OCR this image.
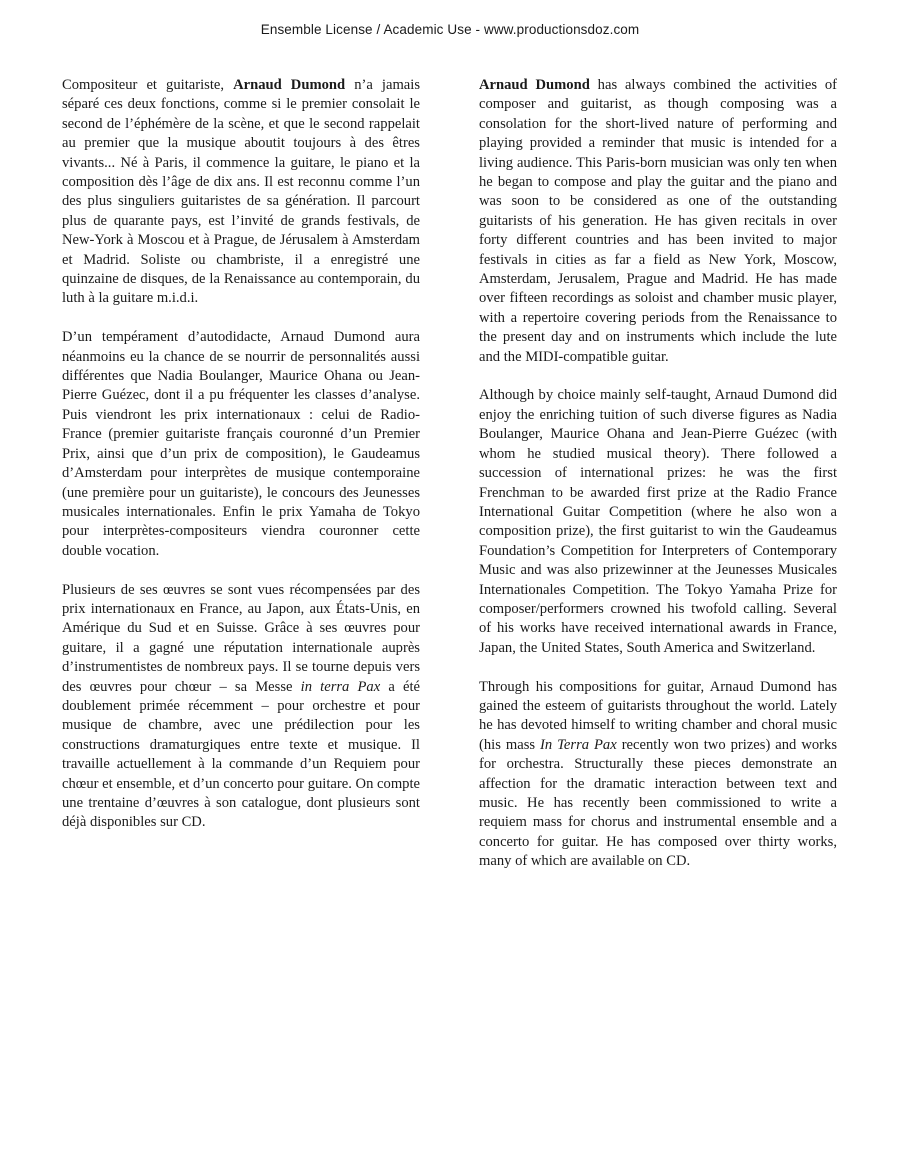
Ensemble License / Academic Use - www.productionsdoz.com

Compositeur et guitariste, Arnaud Dumond n’a jamais séparé ces deux fonctions, comme si le premier consolait le second de l’éphémère de la scène, et que le second rappelait au premier que la musique aboutit toujours à des êtres vivants... Né à Paris, il commence la guitare, le piano et la composition dès l’âge de dix ans. Il est reconnu comme l’un des plus singuliers guitaristes de sa génération. Il parcourt plus de quarante pays, est l’invité de grands festivals, de New-York à Moscou et à Prague, de Jérusalem à Amsterdam et Madrid. Soliste ou chambriste, il a enregistré une quinzaine de disques, de la Renaissance au contemporain, du luth à la guitare m.i.d.i.

D’un tempérament d’autodidacte, Arnaud Dumond aura néanmoins eu la chance de se nourrir de personnalités aussi différentes que Nadia Boulanger, Maurice Ohana ou Jean-Pierre Guézec, dont il a pu fréquenter les classes d’analyse. Puis viendront les prix internationaux : celui de Radio-France (premier guitariste français couronné d’un Premier Prix, ainsi que d’un prix de composition), le Gaudeamus d’Amsterdam pour interprètes de musique contemporaine (une première pour un guitariste), le concours des Jeunesses musicales internationales. Enfin le prix Yamaha de Tokyo pour interprètes-compositeurs viendra couronner cette double vocation.

Plusieurs de ses œuvres se sont vues récompensées par des prix internationaux en France, au Japon, aux États-Unis, en Amérique du Sud et en Suisse. Grâce à ses œuvres pour guitare, il a gagné une réputation internationale auprès d’instrumentistes de nombreux pays. Il se tourne depuis vers des œuvres pour chœur – sa Messe in terra Pax a été doublement primée récemment – pour orchestre et pour musique de chambre, avec une prédilection pour les constructions dramaturgiques entre texte et musique. Il travaille actuellement à la commande d’un Requiem pour chœur et ensemble, et d’un concerto pour guitare. On compte une trentaine d’œuvres à son catalogue, dont plusieurs sont déjà disponibles sur CD.

Arnaud Dumond has always combined the activities of composer and guitarist, as though composing was a consolation for the short-lived nature of performing and playing provided a reminder that music is intended for a living audience. This Paris-born musician was only ten when he began to compose and play the guitar and the piano and was soon to be considered as one of the outstanding guitarists of his generation. He has given recitals in over forty different countries and has been invited to major festivals in cities as far a field as New York, Moscow, Amsterdam, Jerusalem, Prague and Madrid. He has made over fifteen recordings as soloist and chamber music player, with a repertoire covering periods from the Renaissance to the present day and on instruments which include the lute and the MIDI-compatible guitar.

Although by choice mainly self-taught, Arnaud Dumond did enjoy the enriching tuition of such diverse figures as Nadia Boulanger, Maurice Ohana and Jean-Pierre Guézec (with whom he studied musical theory). There followed a succession of international prizes: he was the first Frenchman to be awarded first prize at the Radio France International Guitar Competition (where he also won a composition prize), the first guitarist to win the Gaudeamus Foundation’s Competition for Interpreters of Contemporary Music and was also prizewinner at the Jeunesses Musicales Internationales Competition. The Tokyo Yamaha Prize for composer/performers crowned his twofold calling. Several of his works have received international awards in France, Japan, the United States, South America and Switzerland.

Through his compositions for guitar, Arnaud Dumond has gained the esteem of guitarists throughout the world. Lately he has devoted himself to writing chamber and choral music (his mass In Terra Pax recently won two prizes) and works for orchestra. Structurally these pieces demonstrate an affection for the dramatic interaction between text and music. He has recently been commissioned to write a requiem mass for chorus and instrumental ensemble and a concerto for guitar. He has composed over thirty works, many of which are available on CD.
